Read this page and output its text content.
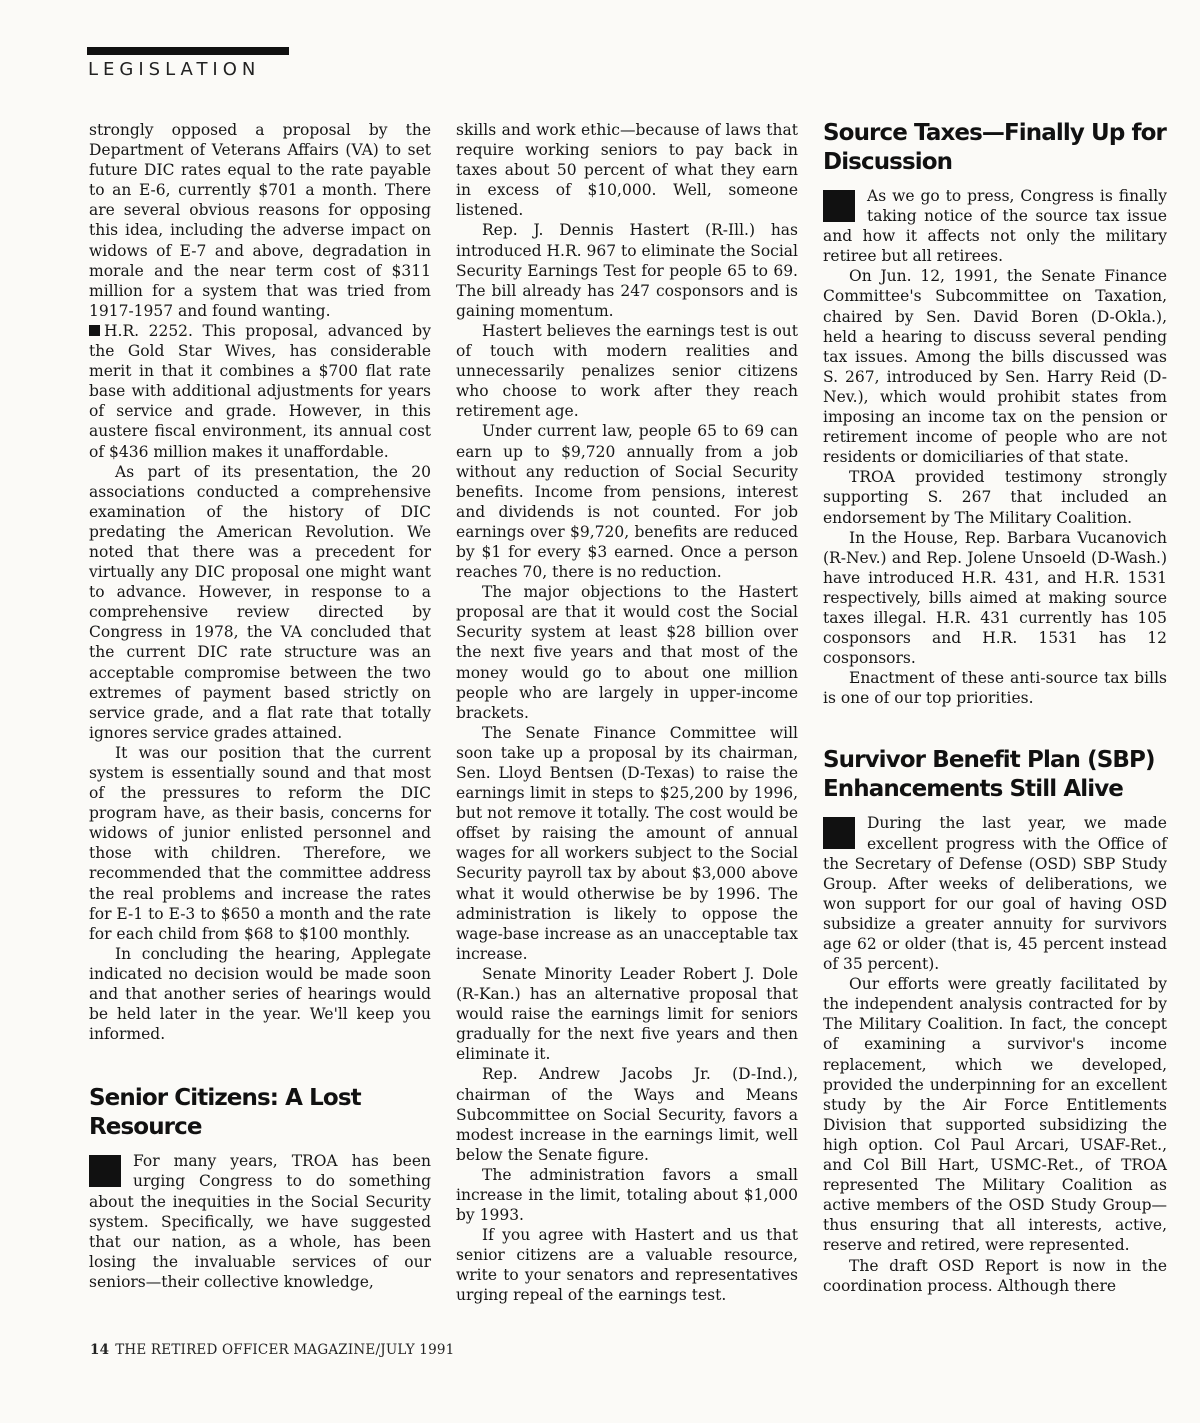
LEGISLATION

strongly opposed a proposal by the Department of Veterans Affairs (VA) to set future DIC rates equal to the rate payable to an E-6, currently $701 a month. There are several obvious reasons for opposing this idea, including the adverse impact on widows of E-7 and above, degradation in morale and the near term cost of $311 million for a system that was tried from 1917-1957 and found wanting.

H.R. 2252. This proposal, advanced by the Gold Star Wives, has considerable merit in that it combines a $700 flat rate base with additional adjustments for years of service and grade. However, in this austere fiscal environment, its annual cost of $436 million makes it unaffordable.

As part of its presentation, the 20 associations conducted a comprehensive examination of the history of DIC predating the American Revolution. We noted that there was a precedent for virtually any DIC proposal one might want to advance. However, in response to a comprehensive review directed by Congress in 1978, the VA concluded that the current DIC rate structure was an acceptable compromise between the two extremes of payment based strictly on service grade, and a flat rate that totally ignores service grades attained.

It was our position that the current system is essentially sound and that most of the pressures to reform the DIC program have, as their basis, concerns for widows of junior enlisted personnel and those with children. Therefore, we recommended that the committee address the real problems and increase the rates for E-1 to E-3 to $650 a month and the rate for each child from $68 to $100 monthly.

In concluding the hearing, Applegate indicated no decision would be made soon and that another series of hearings would be held later in the year. We'll keep you informed.

Senior Citizens: A Lost Resource

For many years, TROA has been urging Congress to do something about the inequities in the Social Security system. Specifically, we have suggested that our nation, as a whole, has been losing the invaluable services of our seniors—their collective knowledge,

skills and work ethic—because of laws that require working seniors to pay back in taxes about 50 percent of what they earn in excess of $10,000. Well, someone listened.

Rep. J. Dennis Hastert (R-Ill.) has introduced H.R. 967 to eliminate the Social Security Earnings Test for people 65 to 69. The bill already has 247 cosponsors and is gaining momentum.

Hastert believes the earnings test is out of touch with modern realities and unnecessarily penalizes senior citizens who choose to work after they reach retirement age.

Under current law, people 65 to 69 can earn up to $9,720 annually from a job without any reduction of Social Security benefits. Income from pensions, interest and dividends is not counted. For job earnings over $9,720, benefits are reduced by $1 for every $3 earned. Once a person reaches 70, there is no reduction.

The major objections to the Hastert proposal are that it would cost the Social Security system at least $28 billion over the next five years and that most of the money would go to about one million people who are largely in upper-income brackets.

The Senate Finance Committee will soon take up a proposal by its chairman, Sen. Lloyd Bentsen (D-Texas) to raise the earnings limit in steps to $25,200 by 1996, but not remove it totally. The cost would be offset by raising the amount of annual wages for all workers subject to the Social Security payroll tax by about $3,000 above what it would otherwise be by 1996. The administration is likely to oppose the wage-base increase as an unacceptable tax increase.

Senate Minority Leader Robert J. Dole (R-Kan.) has an alternative proposal that would raise the earnings limit for seniors gradually for the next five years and then eliminate it.

Rep. Andrew Jacobs Jr. (D-Ind.), chairman of the Ways and Means Subcommittee on Social Security, favors a modest increase in the earnings limit, well below the Senate figure.

The administration favors a small increase in the limit, totaling about $1,000 by 1993.

If you agree with Hastert and us that senior citizens are a valuable resource, write to your senators and representatives urging repeal of the earnings test.

Source Taxes—Finally Up for Discussion

As we go to press, Congress is finally taking notice of the source tax issue and how it affects not only the military retiree but all retirees.

On Jun. 12, 1991, the Senate Finance Committee's Subcommittee on Taxation, chaired by Sen. David Boren (D-Okla.), held a hearing to discuss several pending tax issues. Among the bills discussed was S. 267, introduced by Sen. Harry Reid (D-Nev.), which would prohibit states from imposing an income tax on the pension or retirement income of people who are not residents or domiciliaries of that state.

TROA provided testimony strongly supporting S. 267 that included an endorsement by The Military Coalition.

In the House, Rep. Barbara Vucanovich (R-Nev.) and Rep. Jolene Unsoeld (D-Wash.) have introduced H.R. 431, and H.R. 1531 respectively, bills aimed at making source taxes illegal. H.R. 431 currently has 105 cosponsors and H.R. 1531 has 12 cosponsors.

Enactment of these anti-source tax bills is one of our top priorities.

Survivor Benefit Plan (SBP) Enhancements Still Alive

During the last year, we made excellent progress with the Office of the Secretary of Defense (OSD) SBP Study Group. After weeks of deliberations, we won support for our goal of having OSD subsidize a greater annuity for survivors age 62 or older (that is, 45 percent instead of 35 percent).

Our efforts were greatly facilitated by the independent analysis contracted for by The Military Coalition. In fact, the concept of examining a survivor's income replacement, which we developed, provided the underpinning for an excellent study by the Air Force Entitlements Division that supported subsidizing the high option. Col Paul Arcari, USAF-Ret., and Col Bill Hart, USMC-Ret., of TROA represented The Military Coalition as active members of the OSD Study Group—thus ensuring that all interests, active, reserve and retired, were represented.

The draft OSD Report is now in the coordination process. Although there

14 THE RETIRED OFFICER MAGAZINE/JULY 1991
